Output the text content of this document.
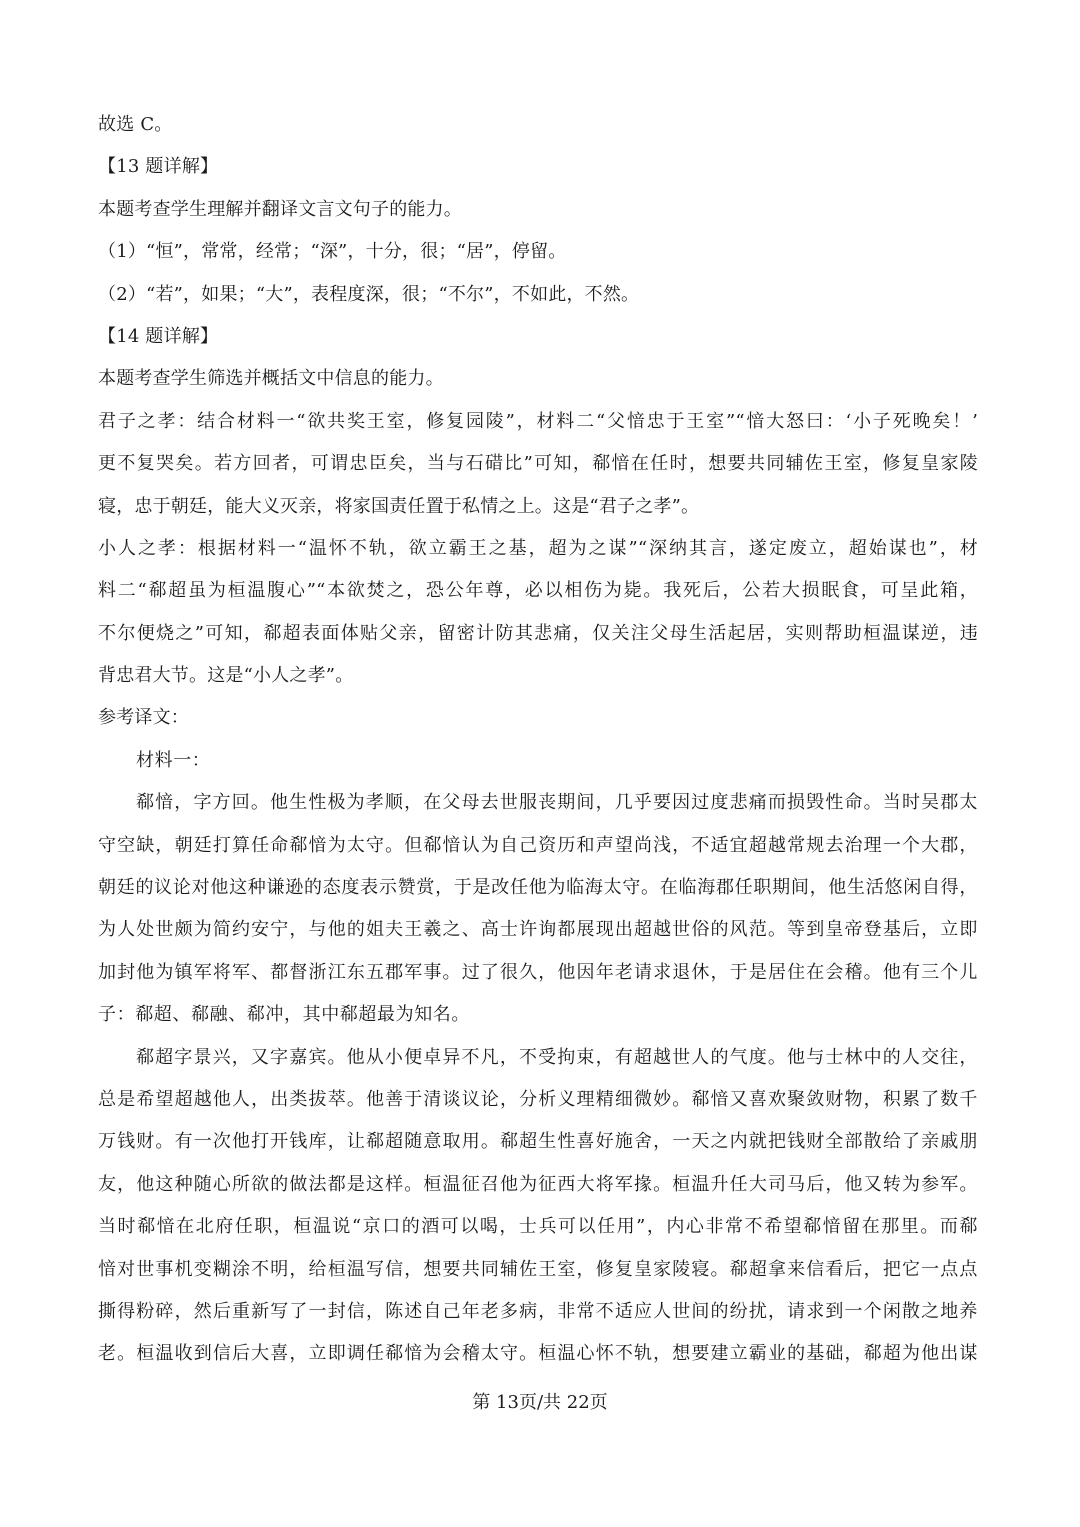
故选 C。
【13 题详解】
本题考查学生理解并翻译文言文句子的能力。
（1）“恒”，常常，经常；“深”，十分，很；“居”，停留。
（2）“若”，如果；“大”，表程度深，很；“不尔”，不如此，不然。
【14 题详解】
本题考查学生筛选并概括文中信息的能力。
君子之孝：结合材料一“欲共奖王室，修复园陵”，材料二“父愔忠于王室”“愔大怒曰：‘小子死晚矣！’
更不复哭矣。若方回者，可谓忠臣矣，当与石碏比”可知，郗愔在任时，想要共同辅佐王室，修复皇家陵
寝，忠于朝廷，能大义灭亲，将家国责任置于私情之上。这是“君子之孝”。
小人之孝：根据材料一“温怀不轨，欲立霸王之基，超为之谋”“深纳其言，遂定废立，超始谋也”，材
料二“郗超虽为桓温腹心”“本欲焚之，恐公年尊，必以相伤为毙。我死后，公若大损眠食，可呈此箱，
不尔便烧之”可知，郗超表面体贴父亲，留密计防其悲痛，仅关注父母生活起居，实则帮助桓温谋逆，违
背忠君大节。这是“小人之孝”。
参考译文：
材料一：
郗愔，字方回。他生性极为孝顺，在父母去世服丧期间，几乎要因过度悲痛而损毁性命。当时吴郡太
守空缺，朝廷打算任命郗愔为太守。但郗愔认为自己资历和声望尚浅，不适宜超越常规去治理一个大郡，
朝廷的议论对他这种谦逊的态度表示赞赏，于是改任他为临海太守。在临海郡任职期间，他生活悠闲自得，
为人处世颇为简约安宁，与他的姐夫王羲之、高士许询都展现出超越世俗的风范。等到皇帝登基后，立即
加封他为镇军将军、都督浙江东五郡军事。过了很久，他因年老请求退休，于是居住在会稽。他有三个儿
子：郗超、郗融、郗冲，其中郗超最为知名。
郗超字景兴，又字嘉宾。他从小便卓异不凡，不受拘束，有超越世人的气度。他与士林中的人交往，
总是希望超越他人，出类拔萃。他善于清谈议论，分析义理精细微妙。郗愔又喜欢聚敛财物，积累了数千
万钱财。有一次他打开钱库，让郗超随意取用。郗超生性喜好施舍，一天之内就把钱财全部散给了亲戚朋
友，他这种随心所欲的做法都是这样。桓温征召他为征西大将军掾。桓温升任大司马后，他又转为参军。
当时郗愔在北府任职，桓温说“京口的酒可以喝，士兵可以任用”，内心非常不希望郗愔留在那里。而郗
愔对世事机变糊涂不明，给桓温写信，想要共同辅佐王室，修复皇家陵寝。郗超拿来信看后，把它一点点
撕得粉碎，然后重新写了一封信，陈述自己年老多病，非常不适应人世间的纷扰，请求到一个闲散之地养
老。桓温收到信后大喜，立即调任郗愔为会稽太守。桓温心怀不轨，想要建立霸业的基础，郗超为他出谋
第 13页/共 22页
